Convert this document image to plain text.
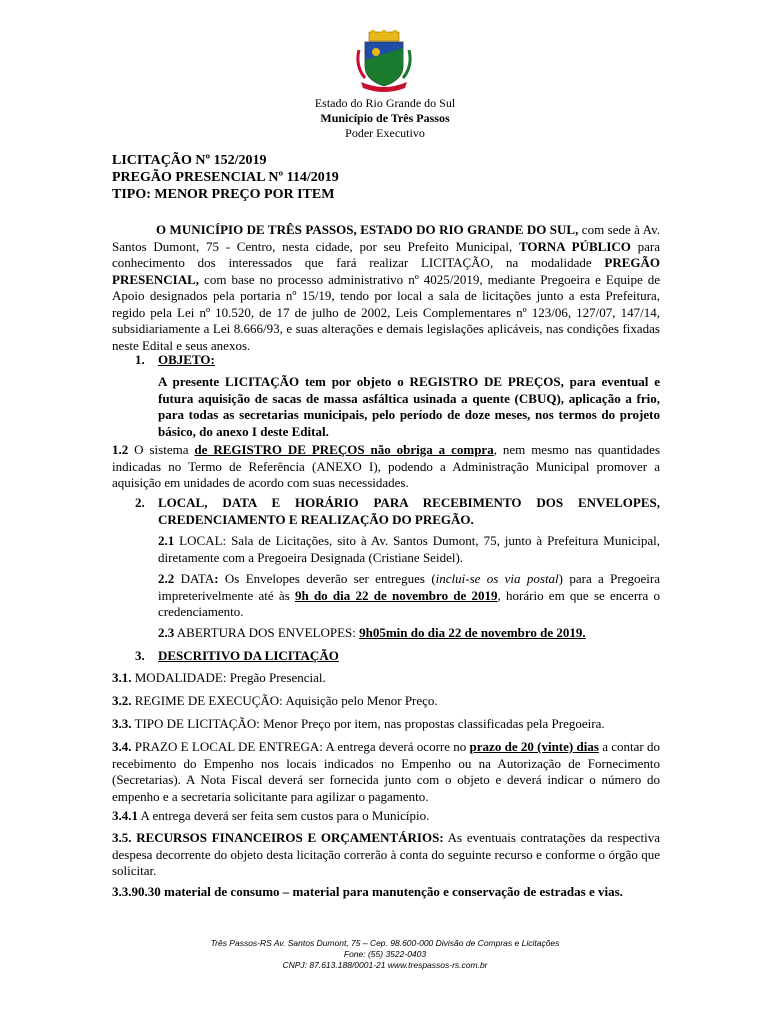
Estado do Rio Grande do Sul
Município de Três Passos
Poder Executivo
LICITAÇÃO Nº 152/2019
PREGÃO PRESENCIAL Nº 114/2019
TIPO: MENOR PREÇO POR ITEM
O MUNICÍPIO DE TRÊS PASSOS, ESTADO DO RIO GRANDE DO SUL, com sede à Av. Santos Dumont, 75 - Centro, nesta cidade, por seu Prefeito Municipal, TORNA PÚBLICO para conhecimento dos interessados que fará realizar LICITAÇÃO, na modalidade PREGÃO PRESENCIAL, com base no processo administrativo nº 4025/2019, mediante Pregoeira e Equipe de Apoio designados pela portaria nº 15/19, tendo por local a sala de licitações junto a esta Prefeitura, regido pela Lei nº 10.520, de 17 de julho de 2002, Leis Complementares nº 123/06, 127/07, 147/14, subsidiariamente a Lei 8.666/93, e suas alterações e demais legislações aplicáveis, nas condições fixadas neste Edital e seus anexos.
1. OBJETO:
A presente LICITAÇÃO tem por objeto o REGISTRO DE PREÇOS, para eventual e futura aquisição de sacas de massa asfáltica usinada a quente (CBUQ), aplicação a frio, para todas as secretarias municipais, pelo período de doze meses, nos termos do projeto básico, do anexo I deste Edital.
1.2 O sistema de REGISTRO DE PREÇOS não obriga a compra, nem mesmo nas quantidades indicadas no Termo de Referência (ANEXO I), podendo a Administração Municipal promover a aquisição em unidades de acordo com suas necessidades.
2. LOCAL, DATA E HORÁRIO PARA RECEBIMENTO DOS ENVELOPES, CREDENCIAMENTO E REALIZAÇÃO DO PREGÃO.
2.1 LOCAL: Sala de Licitações, sito à Av. Santos Dumont, 75, junto à Prefeitura Municipal, diretamente com a Pregoeira Designada (Cristiane Seidel).
2.2 DATA: Os Envelopes deverão ser entregues (inclui-se os via postal) para a Pregoeira impreterivelmente até às 9h do dia 22 de novembro de 2019, horário em que se encerra o credenciamento.
2.3 ABERTURA DOS ENVELOPES: 9h05min do dia 22 de novembro de 2019.
3. DESCRITIVO DA LICITAÇÃO
3.1. MODALIDADE: Pregão Presencial.
3.2. REGIME DE EXECUÇÃO: Aquisição pelo Menor Preço.
3.3. TIPO DE LICITAÇÃO: Menor Preço por item, nas propostas classificadas pela Pregoeira.
3.4. PRAZO E LOCAL DE ENTREGA: A entrega deverá ocorre no prazo de 20 (vinte) dias a contar do recebimento do Empenho nos locais indicados no Empenho ou na Autorização de Fornecimento (Secretarias). A Nota Fiscal deverá ser fornecida junto com o objeto e deverá indicar o número do empenho e a secretaria solicitante para agilizar o pagamento.
3.4.1 A entrega deverá ser feita sem custos para o Município.
3.5. RECURSOS FINANCEIROS E ORÇAMENTÁRIOS: As eventuais contratações da respectiva despesa decorrente do objeto desta licitação correrão à conta do seguinte recurso e conforme o órgão que solicitar.
3.3.90.30 material de consumo – material para manutenção e conservação de estradas e vias.
Três Passos-RS Av. Santos Dumont, 75 – Cep. 98.600-000 Divisão de Compras e Licitações
Fone: (55) 3522-0403
CNPJ: 87.613.188/0001-21 www.trespassos-rs.com.br
